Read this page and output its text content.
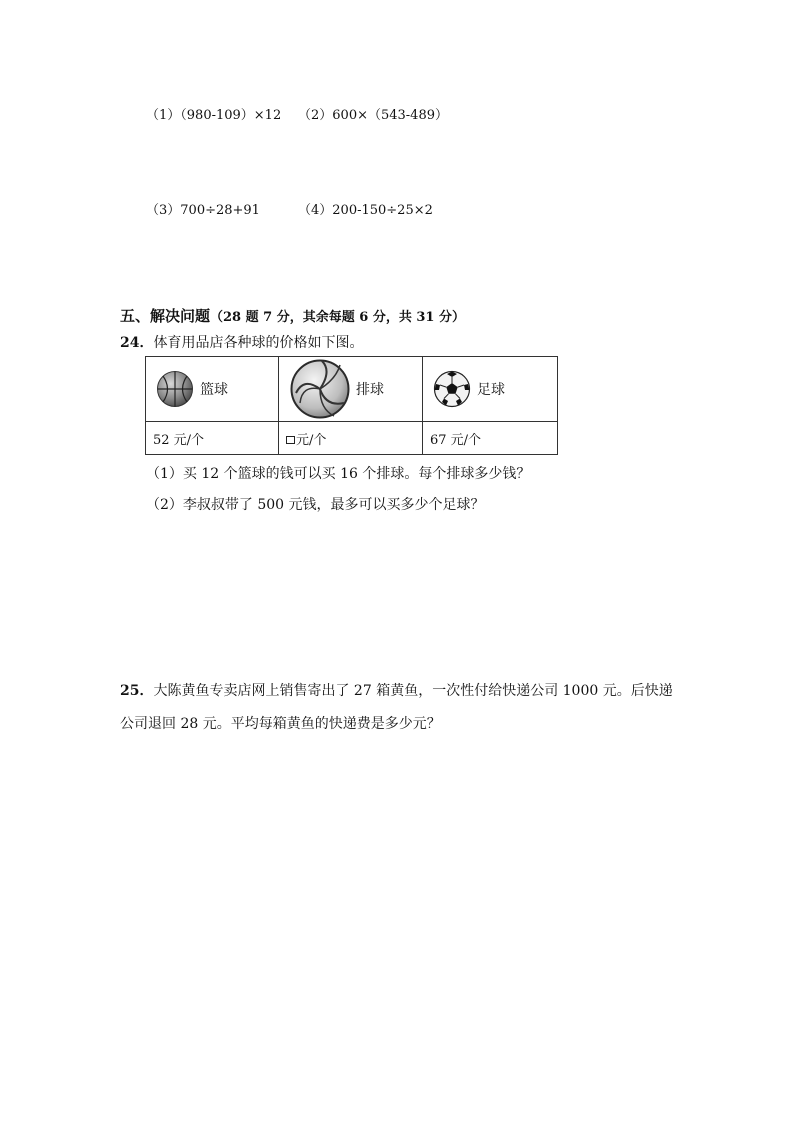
（1）（980-109）×12 （2）600×（543-489）
（3）700÷28+91	（4）200-150÷25×2
五、解决问题（28 题 7 分，其余每题 6 分，共 31 分）
24．体育用品店各种球的价格如下图。
篮球	排球	足球

52 元/个	元/个	67 元/个
（1）买 12 个篮球的钱可以买 16 个排球。每个排球多少钱？
（2）李叔叔带了 500 元钱，最多可以买多少个足球？
25．大陈黄鱼专卖店网上销售寄出了 27 箱黄鱼，一次性付给快递公司 1000 元。后快递
公司退回 28 元。平均每箱黄鱼的快递费是多少元？
